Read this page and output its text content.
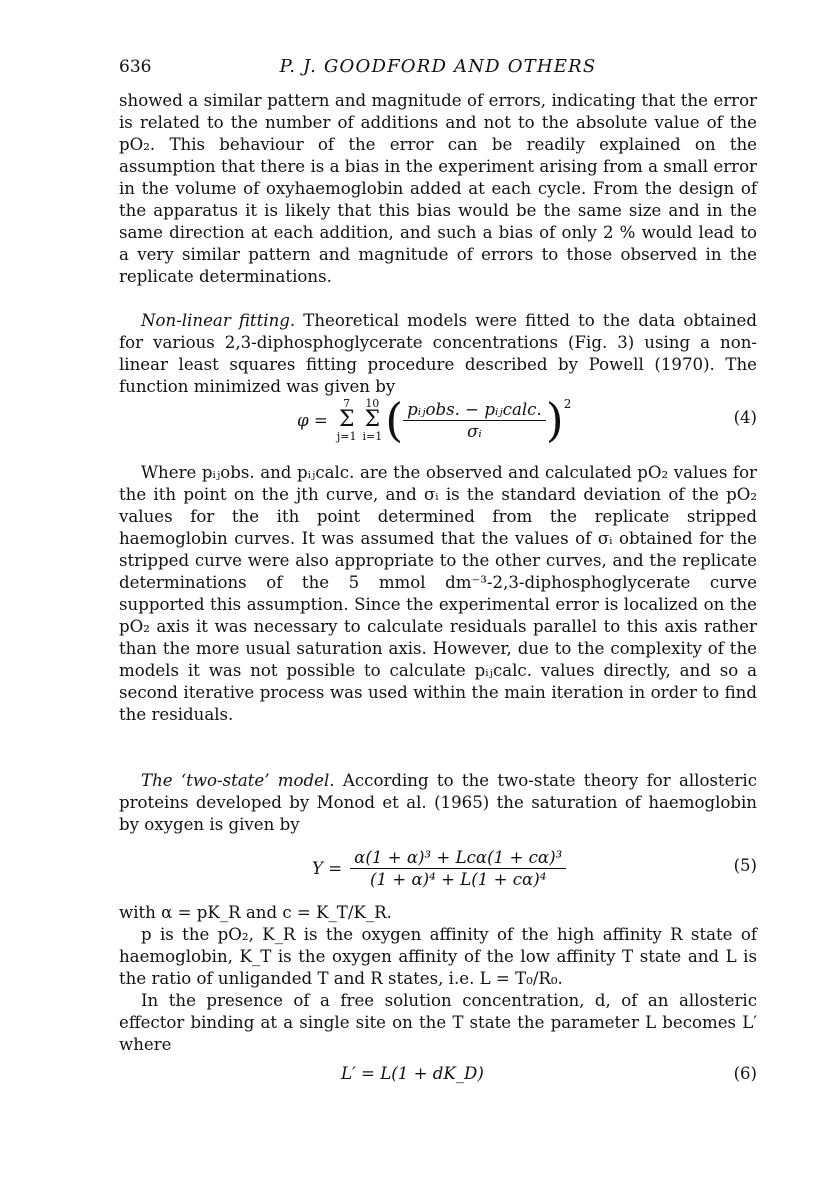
636	P. J. GOODFORD AND OTHERS
showed a similar pattern and magnitude of errors, indicating that the error is related to the number of additions and not to the absolute value of the pO₂. This behaviour of the error can be readily explained on the assumption that there is a bias in the experiment arising from a small error in the volume of oxyhaemoglobin added at each cycle. From the design of the apparatus it is likely that this bias would be the same size and in the same direction at each addition, and such a bias of only 2 % would lead to a very similar pattern and magnitude of errors to those observed in the replicate determinations.
Non-linear fitting. Theoretical models were fitted to the data obtained for various 2,3-diphosphoglycerate concentrations (Fig. 3) using a non-linear least squares fitting procedure described by Powell (1970). The function minimized was given by
φ =
7
Σ
j=1
10
Σ
i=1 ( $\frac{\text{pᵢⱼobs. − pᵢⱼcalc.}}{\text{σᵢ}} )^2$
(4)
Where pᵢⱼobs. and pᵢⱼcalc. are the observed and calculated pO₂ values for the ith point on the jth curve, and σᵢ is the standard deviation of the pO₂ values for the ith point determined from the replicate stripped haemoglobin curves. It was assumed that the values of σᵢ obtained for the stripped curve were also appropriate to the other curves, and the replicate determinations of the 5 mmol dm⁻³-2,3-diphosphoglycerate curve supported this assumption. Since the experimental error is localized on the pO₂ axis it was necessary to calculate residuals parallel to this axis rather than the more usual saturation axis. However, due to the complexity of the models it was not possible to calculate pᵢⱼcalc. values directly, and so a second iterative process was used within the main iteration in order to find the residuals.
The ‘two-state’ model. According to the two-state theory for allosteric proteins developed by Monod et al. (1965) the saturation of haemoglobin by oxygen is given by
$Y = \frac{\text{α(1 + α)³ + Lcα(1 + cα)³}}{\text{(1 + α)⁴ + L(1 + cα)⁴}}$	(5)
with α = pK_R and c = K_T/K_R.
p is the pO₂, K_R is the oxygen affinity of the high affinity R state of haemoglobin, K_T is the oxygen affinity of the low affinity T state and L is the ratio of unliganded T and R states, i.e. L = T₀/R₀.
In the presence of a free solution concentration, d, of an allosteric effector binding at a single site on the T state the parameter L becomes L′ where
L′ = L(1 + dK_D)	(6)
